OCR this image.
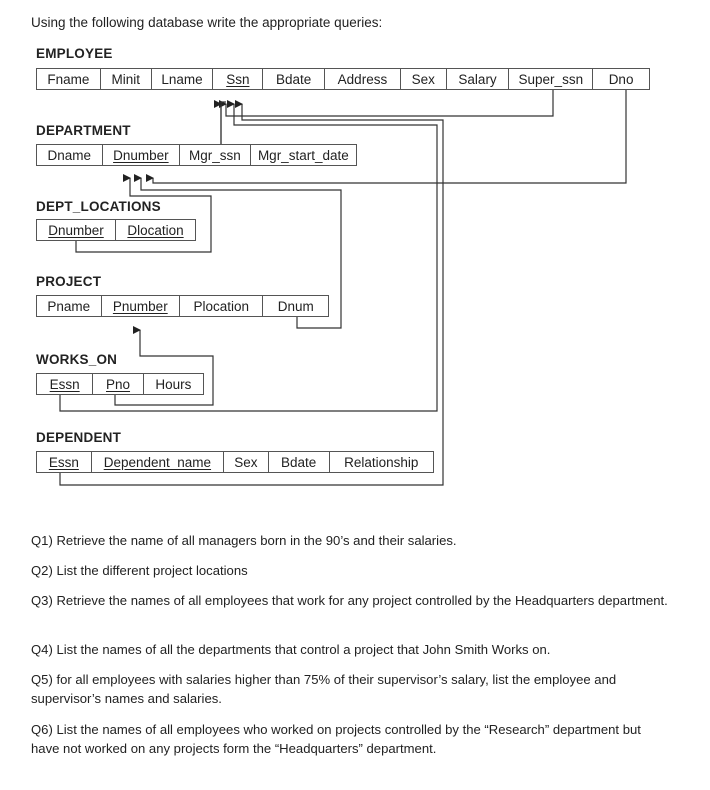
Using the following database write the appropriate queries:
EMPLOYEE
Fname Minit Lname Ssn Bdate Address Sex Salary Super_ssn Dno
DEPARTMENT
Dname Dnumber Mgr_ssn Mgr_start_date
DEPT_LOCATIONS
Dnumber Dlocation
PROJECT
Pname Pnumber Plocation Dnum
WORKS_ON
Essn Pno Hours
DEPENDENT
Essn Dependent_name Sex Bdate Relationship
Q1) Retrieve the name of all managers born in the 90’s and their salaries.
Q2) List the different project locations
Q3) Retrieve the names of all employees that work for any project controlled by the Headquarters department.
Q4) List the names of all the departments that control a project that John Smith Works on.
Q5) for all employees with salaries higher than 75% of their supervisor’s salary, list the employee and supervisor’s names and salaries.
Q6) List the names of all employees who worked on projects controlled by the “Research” department but have not worked on any projects form the “Headquarters” department.
